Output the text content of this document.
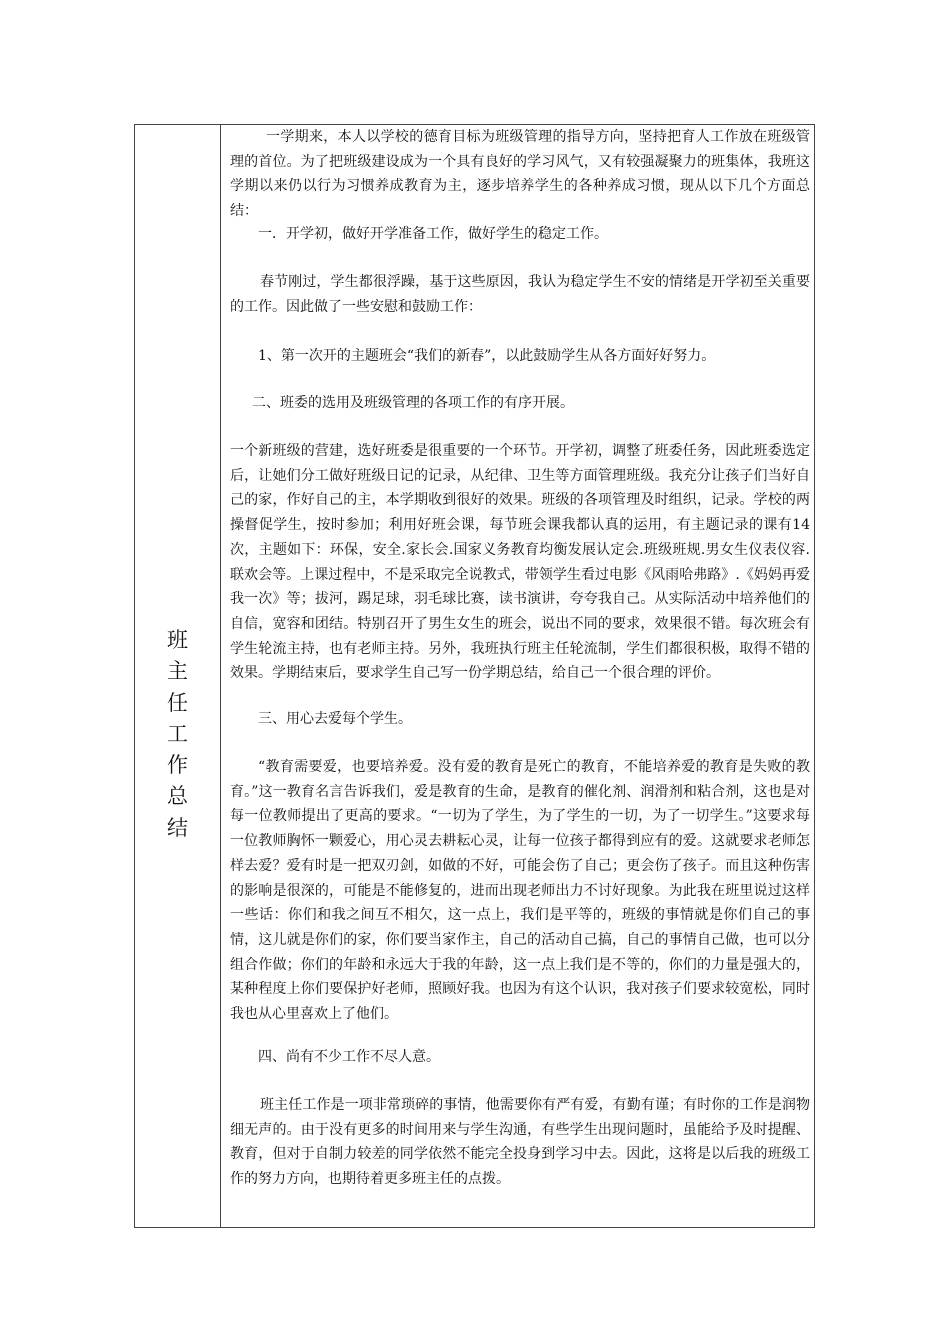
班
主
任
工
作
总
结

一学期来，本人以学校的德育目标为班级管理的指导方向，坚持把育人工作放在班级管理的首位。为了把班级建设成为一个具有良好的学习风气，又有较强凝聚力的班集体，我班这学期以来仍以行为习惯养成教育为主，逐步培养学生的各种养成习惯，现从以下几个方面总结：

一．开学初，做好开学准备工作，做好学生的稳定工作。

春节刚过，学生都很浮躁，基于这些原因，我认为稳定学生不安的情绪是开学初至关重要的工作。因此做了一些安慰和鼓励工作：

1、第一次开的主题班会“我们的新春”，以此鼓励学生从各方面好好努力。

二、班委的选用及班级管理的各项工作的有序开展。

一个新班级的营建，选好班委是很重要的一个环节。开学初，调整了班委任务，因此班委选定后，让她们分工做好班级日记的记录，从纪律、卫生等方面管理班级。我充分让孩子们当好自己的家，作好自己的主，本学期收到很好的效果。班级的各项管理及时组织，记录。学校的两操督促学生，按时参加；利用好班会课，每节班会课我都认真的运用，有主题记录的课有14次，主题如下：环保，安全.家长会.国家义务教育均衡发展认定会.班级班规.男女生仪表仪容.联欢会等。上课过程中，不是采取完全说教式，带领学生看过电影《风雨哈弗路》.《妈妈再爱我一次》等；拔河，踢足球，羽毛球比赛，读书演讲，夸夸我自己。从实际活动中培养他们的自信，宽容和团结。特别召开了男生女生的班会，说出不同的要求，效果很不错。每次班会有学生轮流主持，也有老师主持。另外，我班执行班主任轮流制，学生们都很积极，取得不错的效果。学期结束后，要求学生自己写一份学期总结，给自己一个很合理的评价。

三、用心去爱每个学生。

“教育需要爱，也要培养爱。没有爱的教育是死亡的教育，不能培养爱的教育是失败的教育。”这一教育名言告诉我们，爱是教育的生命，是教育的催化剂、润滑剂和粘合剂，这也是对每一位教师提出了更高的要求。“一切为了学生，为了学生的一切，为了一切学生。”这要求每一位教师胸怀一颗爱心，用心灵去耕耘心灵，让每一位孩子都得到应有的爱。这就要求老师怎样去爱？爱有时是一把双刃剑，如做的不好，可能会伤了自己；更会伤了孩子。而且这种伤害的影响是很深的，可能是不能修复的，进而出现老师出力不讨好现象。为此我在班里说过这样一些话：你们和我之间互不相欠，这一点上，我们是平等的，班级的事情就是你们自己的事情，这儿就是你们的家，你们要当家作主，自己的活动自己搞，自己的事情自己做，也可以分组合作做；你们的年龄和永远大于我的年龄，这一点上我们是不等的，你们的力量是强大的，某种程度上你们要保护好老师，照顾好我。也因为有这个认识，我对孩子们要求较宽松，同时我也从心里喜欢上了他们。

四、尚有不少工作不尽人意。

班主任工作是一项非常琐碎的事情，他需要你有严有爱，有勤有谨；有时你的工作是润物细无声的。由于没有更多的时间用来与学生沟通，有些学生出现问题时，虽能给予及时提醒、教育，但对于自制力较差的同学依然不能完全投身到学习中去。因此，这将是以后我的班级工作的努力方向，也期待着更多班主任的点拨。
